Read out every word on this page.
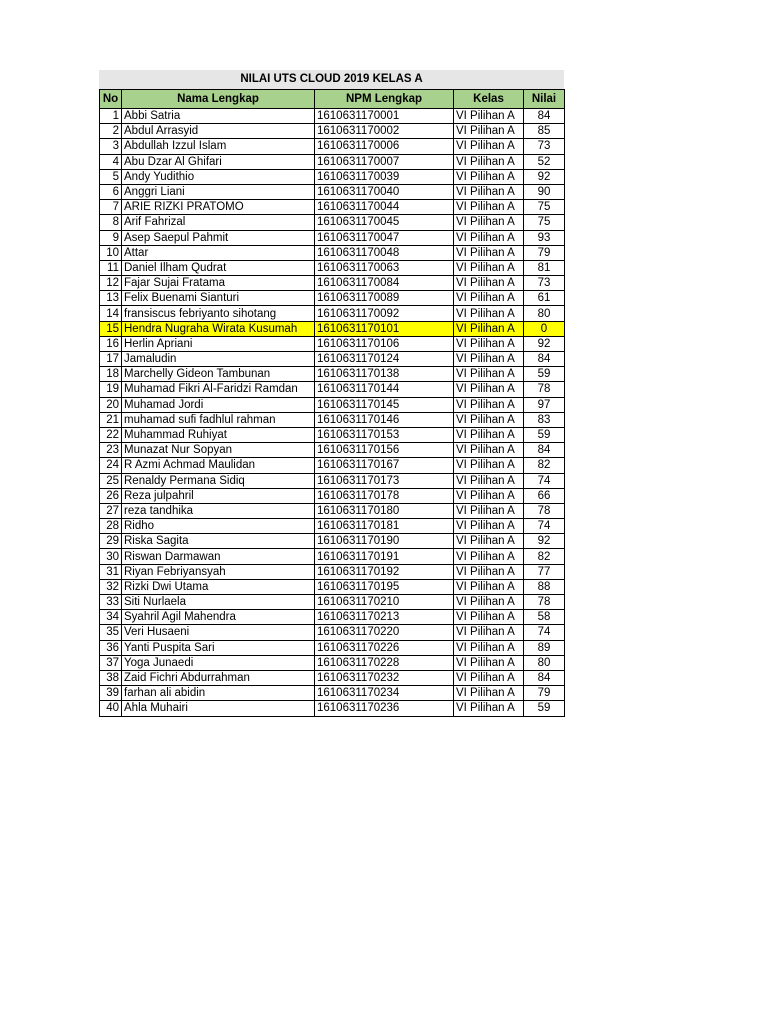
NILAI UTS CLOUD 2019 KELAS A
No	Nama Lengkap	NPM Lengkap	Kelas	Nilai
1	Abbi Satria	1610631170001	VI Pilihan A	84
2	Abdul Arrasyid	1610631170002	VI Pilihan A	85
3	Abdullah Izzul Islam	1610631170006	VI Pilihan A	73
4	Abu Dzar Al Ghifari	1610631170007	VI Pilihan A	52
5	Andy Yudithio	1610631170039	VI Pilihan A	92
6	Anggri Liani	1610631170040	VI Pilihan A	90
7	ARIE RIZKI PRATOMO	1610631170044	VI Pilihan A	75
8	Arif Fahrizal	1610631170045	VI Pilihan A	75
9	Asep Saepul Pahmit	1610631170047	VI Pilihan A	93
10	Attar	1610631170048	VI Pilihan A	79
11	Daniel Ilham Qudrat	1610631170063	VI Pilihan A	81
12	Fajar Sujai Fratama	1610631170084	VI Pilihan A	73
13	Felix Buenami Sianturi	1610631170089	VI Pilihan A	61
14	fransiscus febriyanto sihotang	1610631170092	VI Pilihan A	80
15	Hendra Nugraha Wirata Kusumah	1610631170101	VI Pilihan A	0
16	Herlin Apriani	1610631170106	VI Pilihan A	92
17	Jamaludin	1610631170124	VI Pilihan A	84
18	Marchelly Gideon Tambunan	1610631170138	VI Pilihan A	59
19	Muhamad Fikri Al-Faridzi Ramdan	1610631170144	VI Pilihan A	78
20	Muhamad Jordi	1610631170145	VI Pilihan A	97
21	muhamad sufi fadhlul rahman	1610631170146	VI Pilihan A	83
22	Muhammad Ruhiyat	1610631170153	VI Pilihan A	59
23	Munazat Nur Sopyan	1610631170156	VI Pilihan A	84
24	R Azmi Achmad Maulidan	1610631170167	VI Pilihan A	82
25	Renaldy Permana Sidiq	1610631170173	VI Pilihan A	74
26	Reza julpahril	1610631170178	VI Pilihan A	66
27	reza tandhika	1610631170180	VI Pilihan A	78
28	Ridho	1610631170181	VI Pilihan A	74
29	Riska Sagita	1610631170190	VI Pilihan A	92
30	Riswan Darmawan	1610631170191	VI Pilihan A	82
31	Riyan Febriyansyah	1610631170192	VI Pilihan A	77
32	Rizki Dwi Utama	1610631170195	VI Pilihan A	88
33	Siti Nurlaela	1610631170210	VI Pilihan A	78
34	Syahril Agil Mahendra	1610631170213	VI Pilihan A	58
35	Veri Husaeni	1610631170220	VI Pilihan A	74
36	Yanti Puspita Sari	1610631170226	VI Pilihan A	89
37	Yoga Junaedi	1610631170228	VI Pilihan A	80
38	Zaid Fichri Abdurrahman	1610631170232	VI Pilihan A	84
39	farhan ali abidin	1610631170234	VI Pilihan A	79
40	Ahla Muhairi	1610631170236	VI Pilihan A	59
